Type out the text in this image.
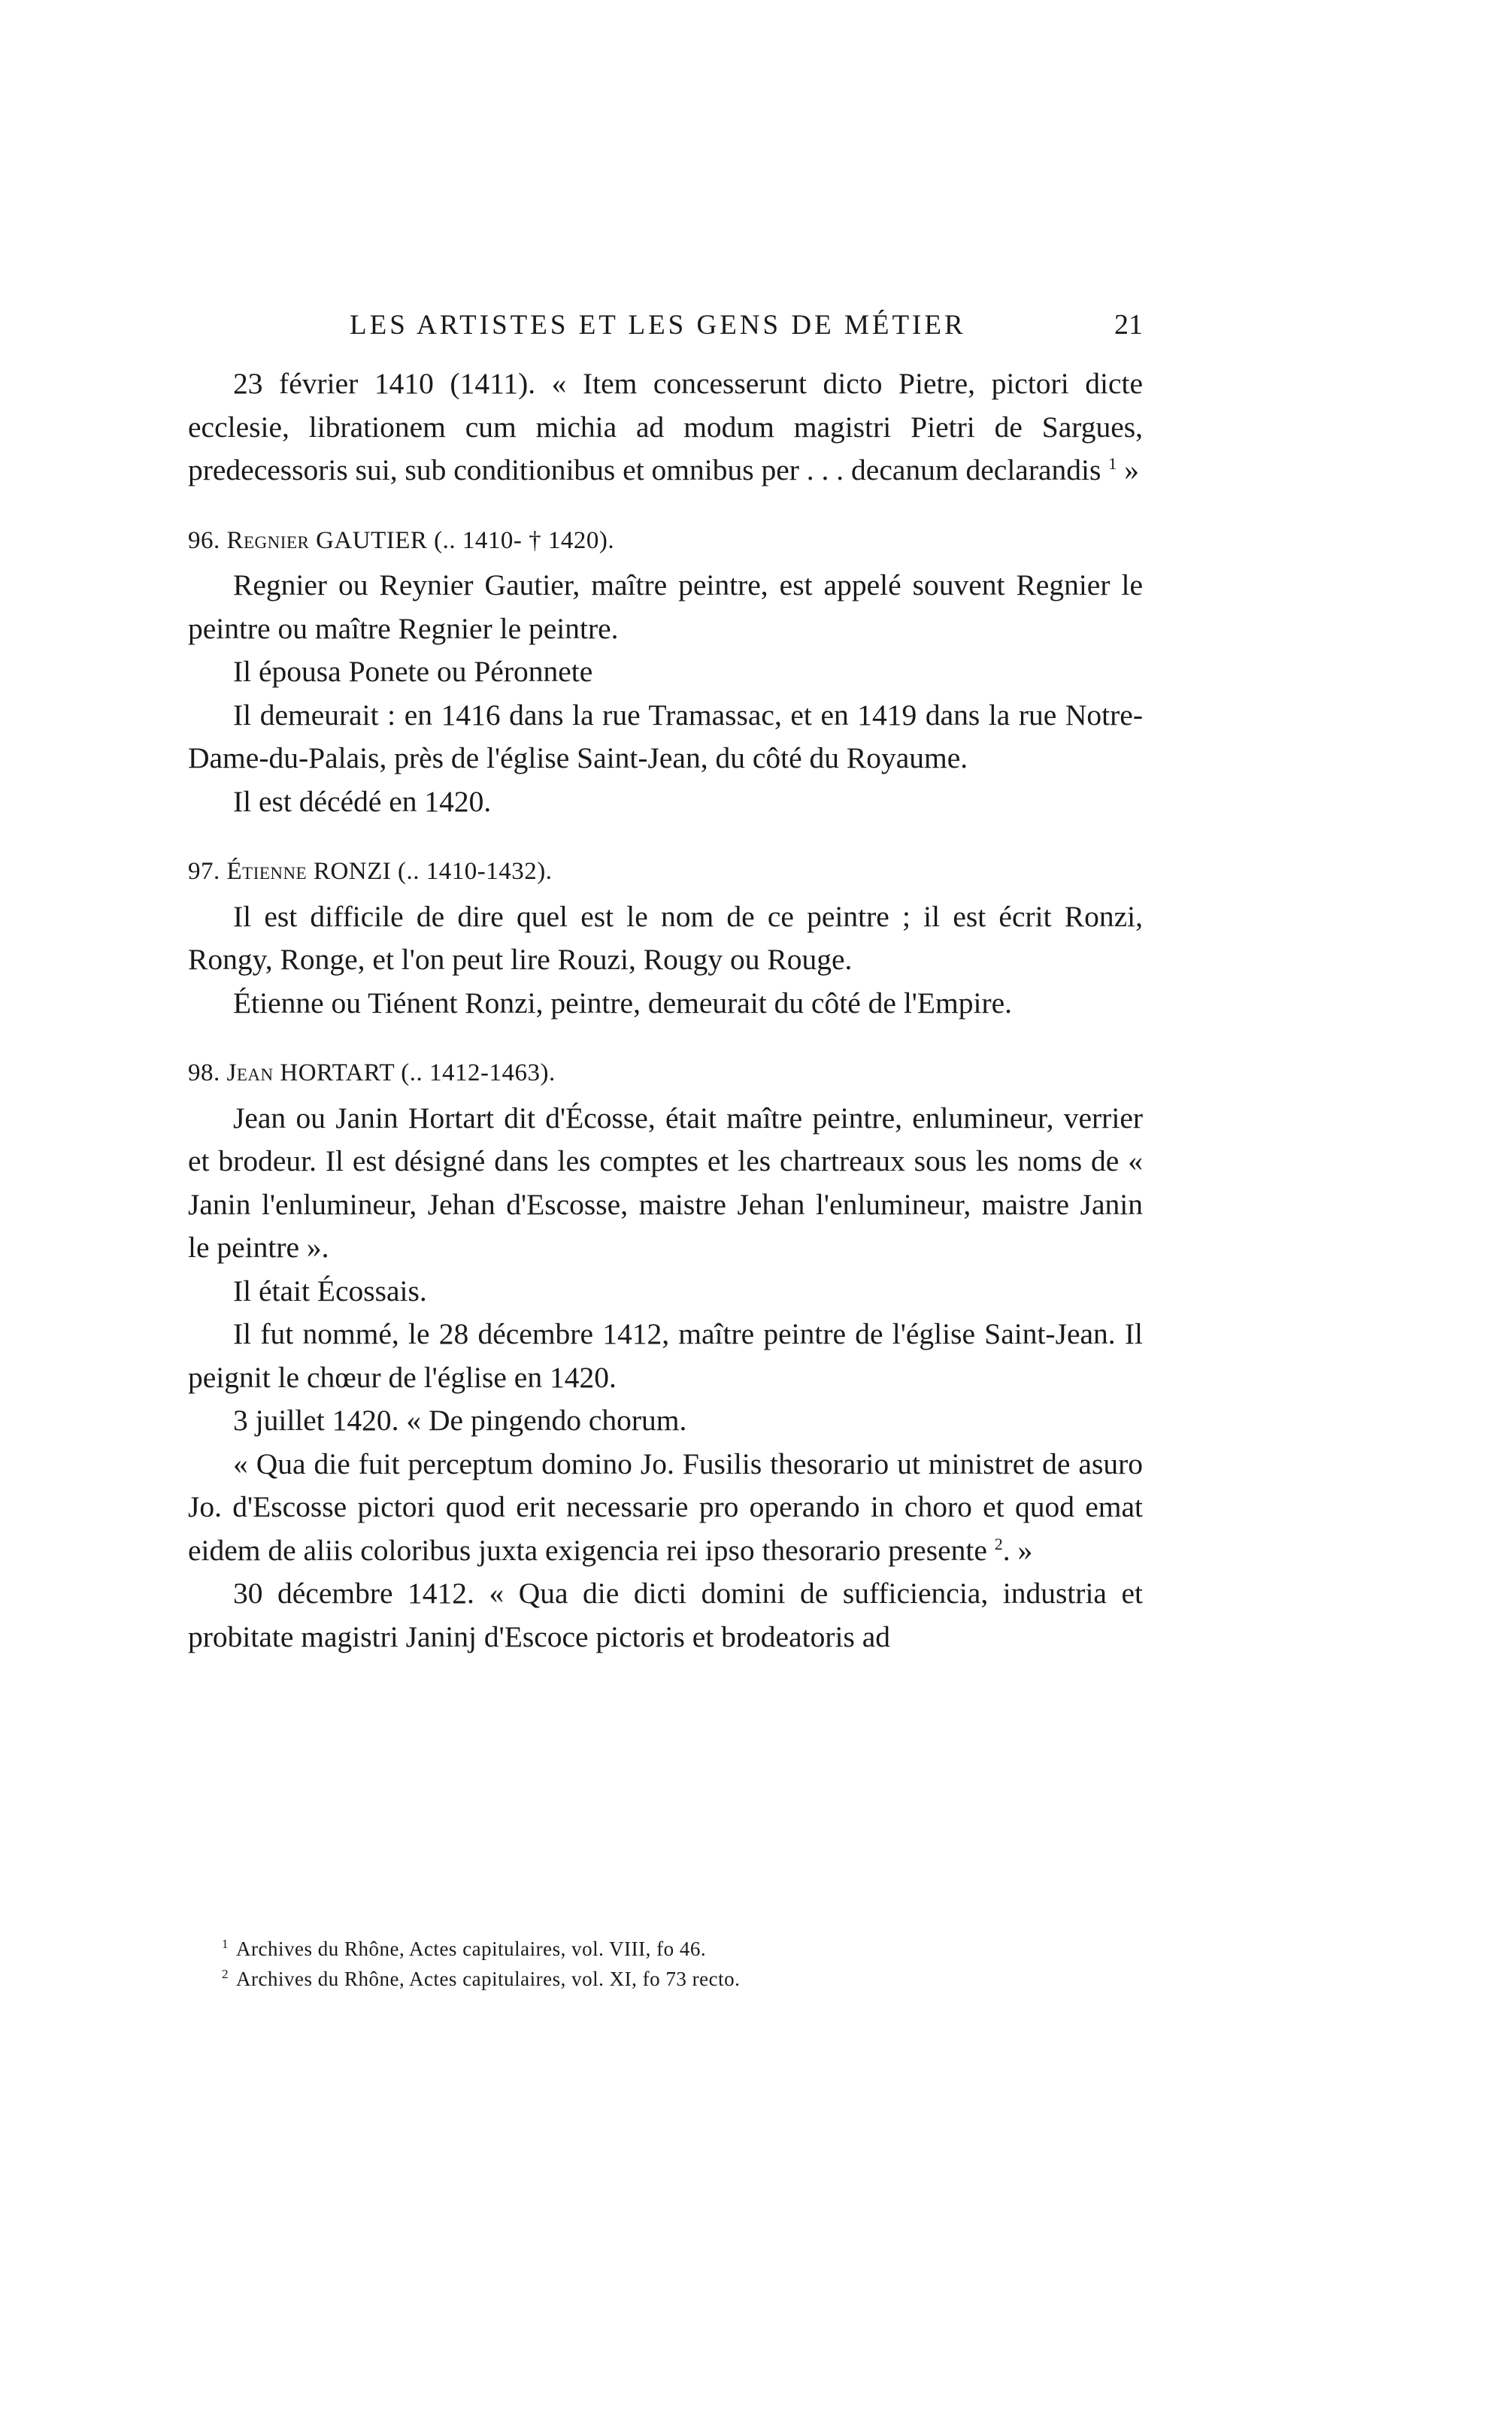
LES ARTISTES ET LES GENS DE MÉTIER	21

23 février 1410 (1411). « Item concesserunt dicto Pietre, pictori dicte ecclesie, librationem cum michia ad modum magistri Pietri de Sargues, predecessoris sui, sub conditionibus et omnibus per . . . decanum declarandis $^1$ »

96. Regnier GAUTIER (.. 1410- † 1420).

Regnier ou Reynier Gautier, maître peintre, est appelé souvent Regnier le peintre ou maître Regnier le peintre.

Il épousa Ponete ou Péronnete

Il demeurait : en 1416 dans la rue Tramassac, et en 1419 dans la rue Notre-Dame-du-Palais, près de l'église Saint-Jean, du côté du Royaume.

Il est décédé en 1420.

97. Étienne RONZI (.. 1410-1432).

Il est difficile de dire quel est le nom de ce peintre ; il est écrit Ronzi, Rongy, Ronge, et l'on peut lire Rouzi, Rougy ou Rouge.

Étienne ou Tiénent Ronzi, peintre, demeurait du côté de l'Empire.

98. Jean HORTART (.. 1412-1463).

Jean ou Janin Hortart dit d'Écosse, était maître peintre, enlumineur, verrier et brodeur. Il est désigné dans les comptes et les chartreaux sous les noms de « Janin l'enlumineur, Jehan d'Escosse, maistre Jehan l'enlumineur, maistre Janin le peintre ».

Il était Écossais.

Il fut nommé, le 28 décembre 1412, maître peintre de l'église Saint-Jean. Il peignit le chœur de l'église en 1420.

3 juillet 1420. « De pingendo chorum.

« Qua die fuit perceptum domino Jo. Fusilis thesorario ut ministret de asuro Jo. d'Escosse pictori quod erit necessarie pro operando in choro et quod emat eidem de aliis coloribus juxta exigencia rei ipso thesorario presente $^2$. »

30 décembre 1412. « Qua die dicti domini de sufficiencia, industria et probitate magistri Janinj d'Escoce pictoris et brodeatoris ad

$^1$ Archives du Rhône, Actes capitulaires, vol. VIII, fo 46.
$^2$ Archives du Rhône, Actes capitulaires, vol. XI, fo 73 recto.
